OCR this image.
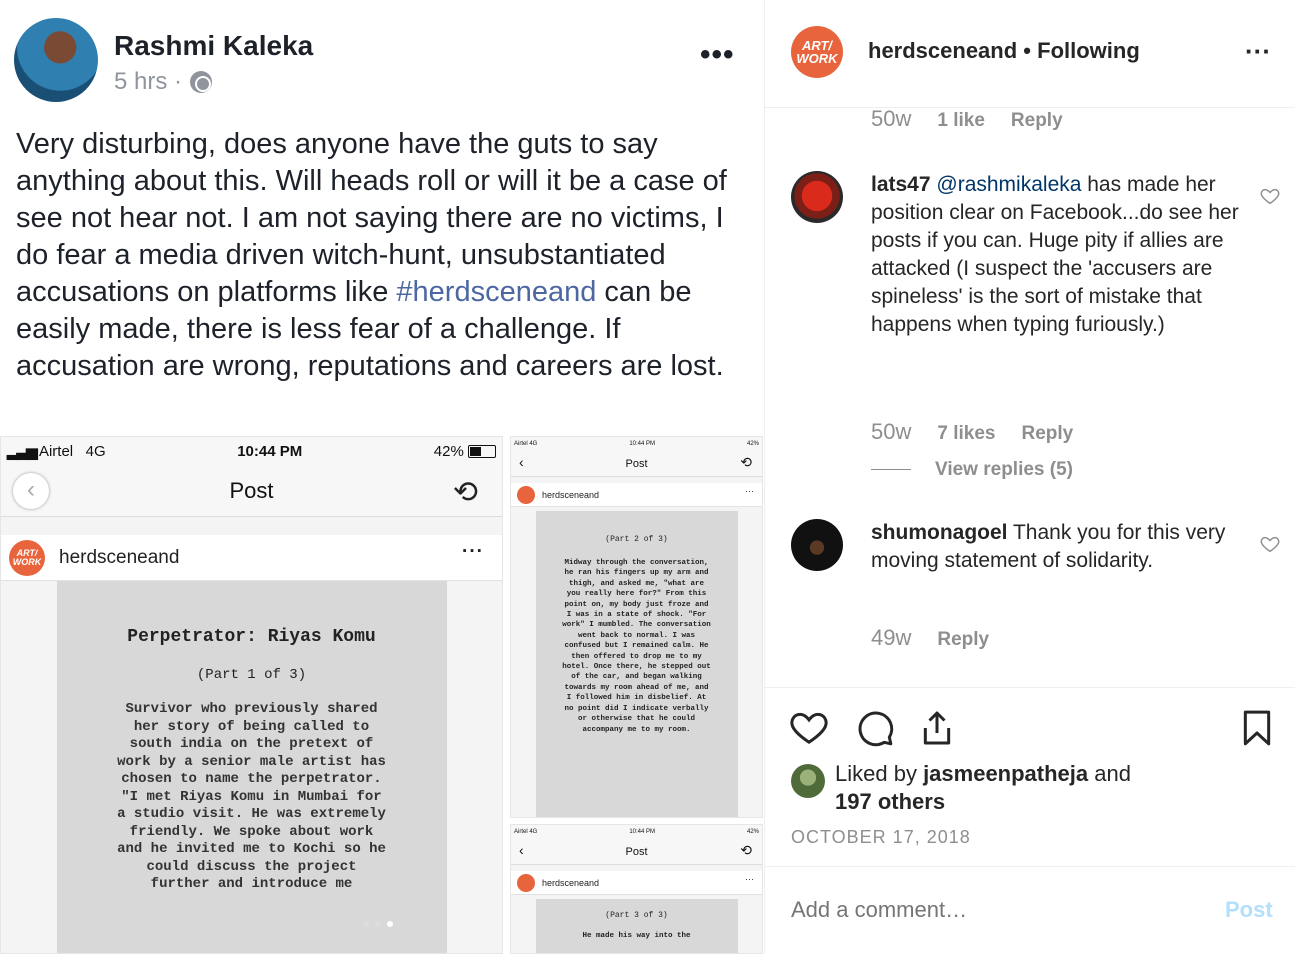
Rashmi Kaleka
5 hrs ·
•••
Very disturbing, does anyone have the guts to say anything about this. Will heads roll or will it be a case of see not hear not. I am not saying there are no victims, I do fear a media driven witch-hunt, unsubstantiated accusations on platforms like #herdsceneand can be easily made, there is less fear of a challenge. If accusation are wrong, reputations and careers are lost.
▂▃▅ Airtel 4G	10:44 PM	42%
‹	Post	⟲
ART/ WORK herdsceneand	···
Perpetrator: Riyas Komu
(Part 1 of 3)
Survivor who previously shared her story of being called to south india on the pretext of work by a senior male artist has chosen to name the perpetrator. "I met Riyas Komu in Mumbai for a studio visit. He was extremely friendly. We spoke about work and he invited me to Kochi so he could discuss the project further and introduce me
Airtel 4G	10:44 PM	42%
‹	Post	⟲
herdsceneand	···
(Part 2 of 3)
Midway through the conversation, he ran his fingers up my arm and thigh, and asked me, "what are you really here for?" From this point on, my body just froze and I was in a state of shock. "For work" I mumbled. The conversation went back to normal. I was confused but I remained calm. He then offered to drop me to my hotel. Once there, he stepped out of the car, and began walking towards my room ahead of me, and I followed him in disbelief. At no point did I indicate verbally or otherwise that he could accompany me to my room.
Airtel 4G	10:44 PM	42%
‹	Post	⟲
herdsceneand	···
(Part 3 of 3)
He made his way into the
ART/ WORK herdsceneand • Following	···
50w 1 like Reply
lats47 @rashmikaleka has made her position clear on Facebook...do see her posts if you can. Huge pity if allies are attacked (I suspect the 'accusers are spineless' is the sort of mistake that happens when typing furiously.)
50w 7 likes Reply
View replies (5)
shumonagoel Thank you for this very moving statement of solidarity.
49w Reply
Liked by jasmeenpatheja and
197 others
OCTOBER 17, 2018
Add a comment…
Post
